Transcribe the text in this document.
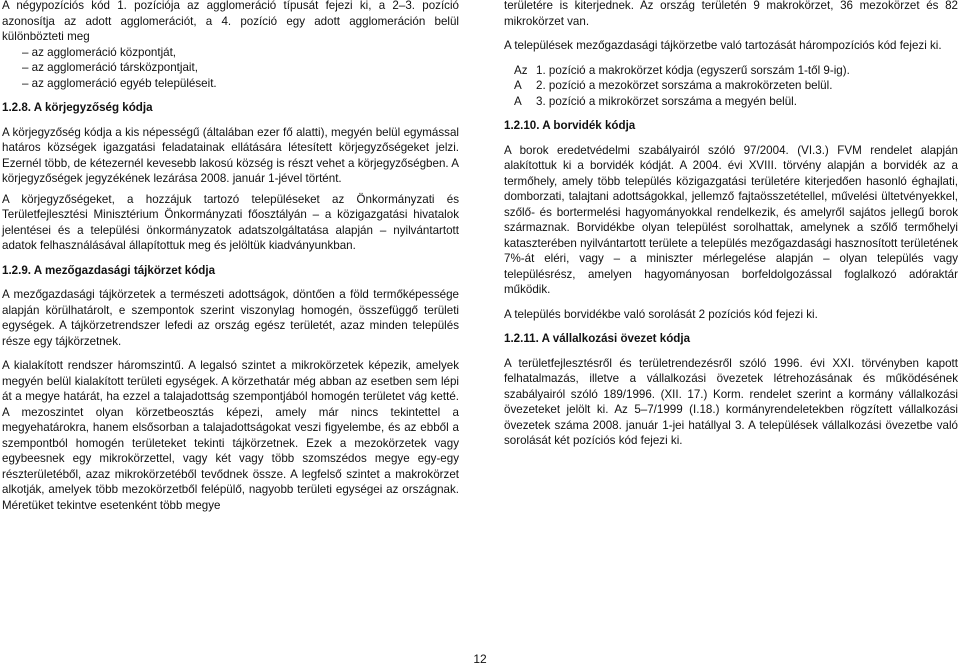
A négypozíciós kód 1. pozíciója az agglomeráció típusát fejezi ki, a 2–3. pozíció azonosítja az adott agglomerációt, a 4. pozíció egy adott agglomeráción belül különbözteti meg

– az agglomeráció központját,
– az agglomeráció társközpontjait,
– az agglomeráció egyéb településeit.
1.2.8. A körjegyzőség kódja

A körjegyzőség kódja a kis népességű (általában ezer fő alatti), megyén belül egymással határos községek igazgatási feladatainak ellátására létesített körjegyzőségeket jelzi. Ezernél több, de kétezernél kevesebb lakosú község is részt vehet a körjegyzőségben. A körjegyzőségek jegyzékének lezárása 2008. január 1-jével történt.

A körjegyzőségeket, a hozzájuk tartozó településeket az Önkormányzati és Területfejlesztési Minisztérium Önkormányzati főosztályán – a közigazgatási hivatalok jelentései és a települési önkormányzatok adatszolgáltatása alapján – nyilvántartott adatok felhasználásával állapítottuk meg és jelöltük kiadványunkban.

1.2.9. A mezőgazdasági tájkörzet kódja

A mezőgazdasági tájkörzetek a természeti adottságok, döntően a föld termőképessége alapján körülhatárolt, e szempontok szerint viszonylag homogén, összefüggő területi egységek. A tájkörzetrendszer lefedi az ország egész területét, azaz minden település része egy tájkörzetnek.

A kialakított rendszer háromszintű. A legalsó szintet a mikrokörzetek képezik, amelyek megyén belül kialakított területi egységek. A körzethatár még abban az esetben sem lépi át a megye határát, ha ezzel a talajadottság szempontjából homogén területet vág ketté. A mezoszintet olyan körzetbeosztás képezi, amely már nincs tekintettel a megyehatárokra, hanem elsősorban a talajadottságokat veszi figyelembe, és az ebből a szempontból homogén területeket tekinti tájkörzetnek. Ezek a mezokörzetek vagy egybeesnek egy mikrokörzettel, vagy két vagy több szomszédos megye egy-egy részterületéből, azaz mikrokörzetéből tevődnek össze. A legfelső szintet a makrokörzet alkotják, amelyek több mezokörzetből felépülő, nagyobb területi egységei az országnak. Méretüket tekintve esetenként több megye

területére is kiterjednek. Az ország területén 9 makrokörzet, 36 mezokörzet és 82 mikrokörzet van.

A települések mezőgazdasági tájkörzetbe való tartozását hárompozíciós kód fejezi ki.

Az 1. pozíció a makrokörzet kódja (egyszerű sorszám 1-től 9-ig).
A	2. pozíció a mezokörzet sorszáma a makrokörzeten belül.
A	3. pozíció a mikrokörzet sorszáma a megyén belül.
1.2.10. A borvidék kódja

A borok eredetvédelmi szabályairól szóló 97/2004. (VI.3.) FVM rendelet alapján alakítottuk ki a borvidék kódját. A 2004. évi XVIII. törvény alapján a borvidék az a termőhely, amely több település közigazgatási területére kiterjedően hasonló éghajlati, domborzati, talajtani adottságokkal, jellemző fajtaösszetétellel, művelési ültetvényekkel, szőlő- és bortermelési hagyományokkal rendelkezik, és amelyről sajátos jellegű borok származnak. Borvidékbe olyan települést sorolhattak, amelynek a szőlő termőhelyi kataszterében nyilvántartott területe a település mezőgazdasági hasznosított területének 7%-át eléri, vagy – a miniszter mérlegelése alapján – olyan település vagy településrész, amelyen hagyományosan borfeldolgozással foglalkozó adóraktár működik.

A település borvidékbe való sorolását 2 pozíciós kód fejezi ki.

1.2.11. A vállalkozási övezet kódja

A területfejlesztésről és területrendezésről szóló 1996. évi XXI. törvényben kapott felhatalmazás, illetve a vállalkozási övezetek létrehozásának és működésének szabályairól szóló 189/1996. (XII. 17.) Korm. rendelet szerint a kormány vállalkozási övezeteket jelölt ki. Az 5–7/1999 (I.18.) kormányrendeletekben rögzített vállalkozási övezetek száma 2008. január 1-jei hatállyal 3. A települések vállalkozási övezetbe való sorolását két pozíciós kód fejezi ki.

12
